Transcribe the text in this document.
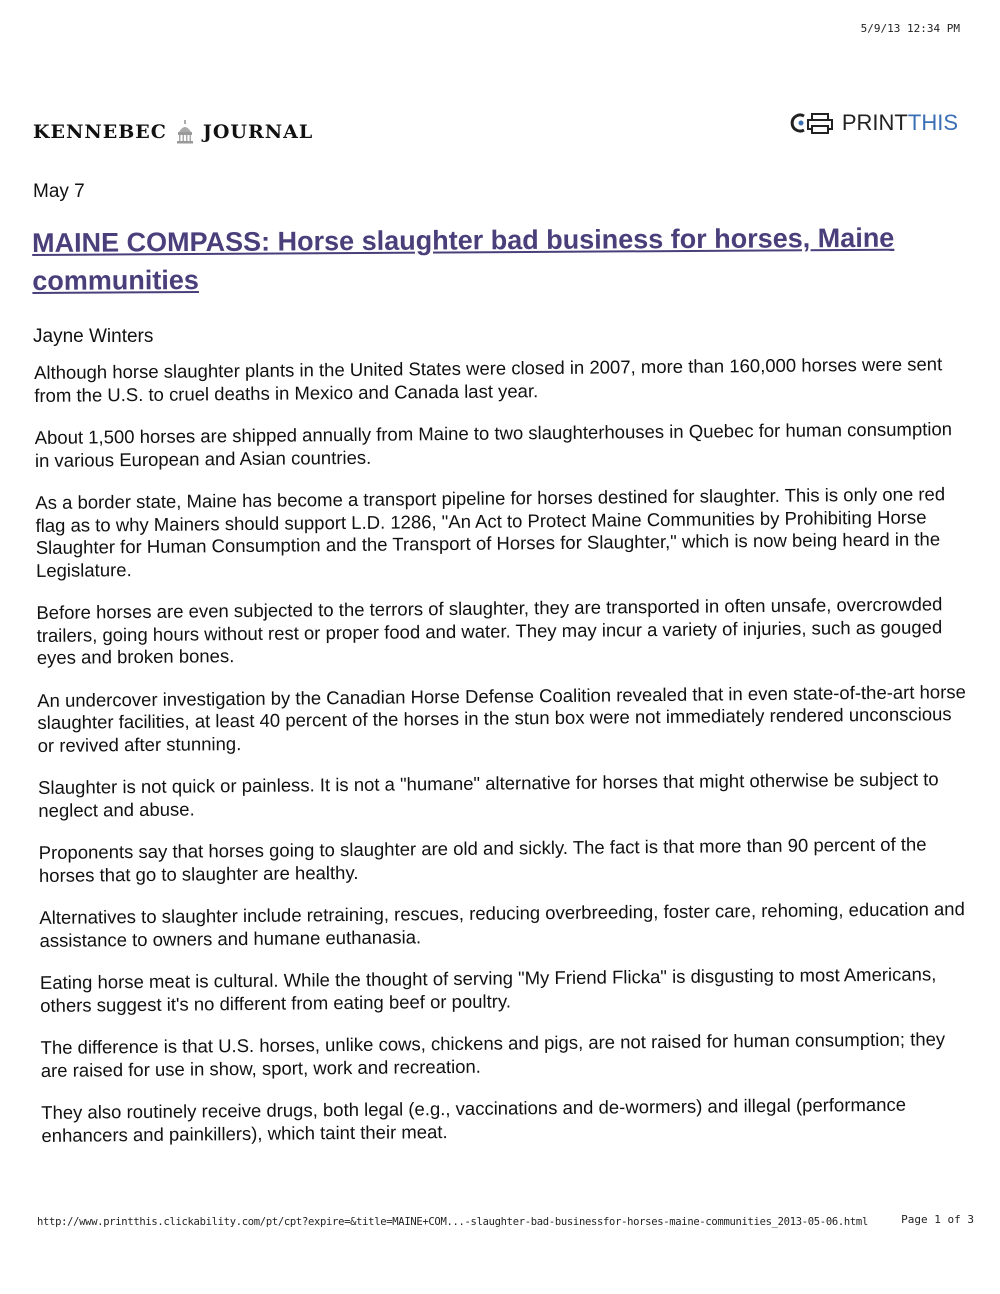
5/9/13 12:34 PM
KENNEBEC JOURNAL	PRINT THIS
May 7
MAINE COMPASS: Horse slaughter bad business for horses, Maine communities
Jayne Winters

Although horse slaughter plants in the United States were closed in 2007, more than 160,000 horses were sent from the U.S. to cruel deaths in Mexico and Canada last year.

About 1,500 horses are shipped annually from Maine to two slaughterhouses in Quebec for human consumption in various European and Asian countries.

As a border state, Maine has become a transport pipeline for horses destined for slaughter. This is only one red flag as to why Mainers should support L.D. 1286, "An Act to Protect Maine Communities by Prohibiting Horse Slaughter for Human Consumption and the Transport of Horses for Slaughter," which is now being heard in the Legislature.

Before horses are even subjected to the terrors of slaughter, they are transported in often unsafe, overcrowded trailers, going hours without rest or proper food and water. They may incur a variety of injuries, such as gouged eyes and broken bones.

An undercover investigation by the Canadian Horse Defense Coalition revealed that in even state-of-the-art horse slaughter facilities, at least 40 percent of the horses in the stun box were not immediately rendered unconscious or revived after stunning.

Slaughter is not quick or painless. It is not a "humane" alternative for horses that might otherwise be subject to neglect and abuse.

Proponents say that horses going to slaughter are old and sickly. The fact is that more than 90 percent of the horses that go to slaughter are healthy.

Alternatives to slaughter include retraining, rescues, reducing overbreeding, foster care, rehoming, education and assistance to owners and humane euthanasia.

Eating horse meat is cultural. While the thought of serving "My Friend Flicka" is disgusting to most Americans, others suggest it's no different from eating beef or poultry.

The difference is that U.S. horses, unlike cows, chickens and pigs, are not raised for human consumption; they are raised for use in show, sport, work and recreation.

They also routinely receive drugs, both legal (e.g., vaccinations and de-wormers) and illegal (performance enhancers and painkillers), which taint their meat.

http://www.printthis.clickability.com/pt/cpt?expire=&title=MAINE+COM...-slaughter-bad-businessfor-horses-maine-communities_2013-05-06.html	Page 1 of 3
